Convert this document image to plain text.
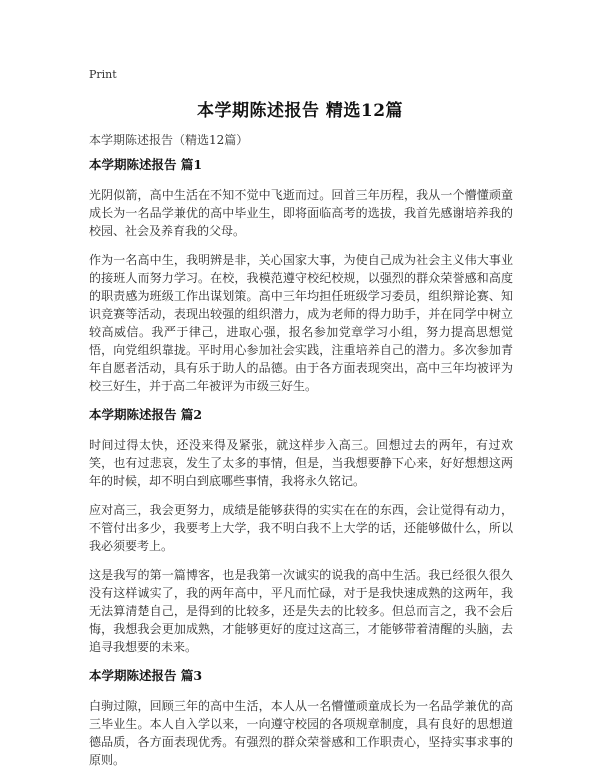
Print
本学期陈述报告 精选12篇

本学期陈述报告（精选12篇）

本学期陈述报告 篇1

光阴似箭，高中生活在不知不觉中飞逝而过。回首三年历程，我从一个懵懂顽童成长为一名品学兼优的高中毕业生，即将面临高考的选拔，我首先感谢培养我的校园、社会及养育我的父母。

作为一名高中生，我明辨是非，关心国家大事，为使自己成为社会主义伟大事业的接班人而努力学习。在校，我模范遵守校纪校规，以强烈的群众荣誉感和高度的职责感为班级工作出谋划策。高中三年均担任班级学习委员，组织辩论赛、知识竞赛等活动，表现出较强的组织潜力，成为老师的得力助手，并在同学中树立较高威信。我严于律己，进取心强，报名参加党章学习小组，努力提高思想觉悟，向党组织靠拢。平时用心参加社会实践，注重培养自己的潜力。多次参加青年自愿者活动，具有乐于助人的品德。由于各方面表现突出，高中三年均被评为校三好生，并于高二年被评为市级三好生。

本学期陈述报告 篇2

时间过得太快，还没来得及紧张，就这样步入高三。回想过去的两年，有过欢笑，也有过悲哀，发生了太多的事情，但是，当我想要静下心来，好好想想这两年的时候，却不明白到底哪些事情，我将永久铭记。

应对高三，我会更努力，成绩是能够获得的实实在在的东西，会让觉得有动力，不管付出多少，我要考上大学，我不明白我不上大学的话，还能够做什么，所以我必须要考上。

这是我写的第一篇博客，也是我第一次诚实的说我的高中生活。我已经很久很久没有这样诚实了，我的两年高中，平凡而忙碌，对于是我快速成熟的这两年，我无法算清楚自己，是得到的比较多，还是失去的比较多。但总而言之，我不会后悔，我想我会更加成熟，才能够更好的度过这高三，才能够带着清醒的头脑，去追寻我想要的未来。

本学期陈述报告 篇3

白驹过隙，回顾三年的高中生活，本人从一名懵懂顽童成长为一名品学兼优的高三毕业生。本人自入学以来，一向遵守校园的各项规章制度，具有良好的思想道德品质，各方面表现优秀。有强烈的群众荣誉感和工作职责心，坚持实事求事的原则。
